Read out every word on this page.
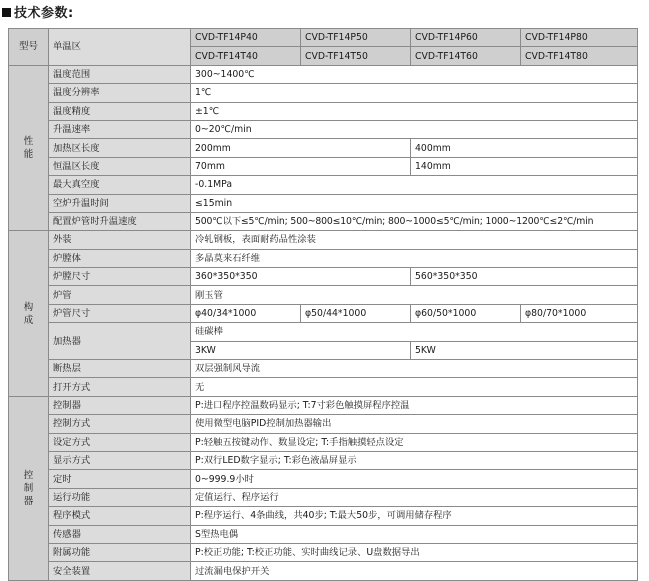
技术参数:
型号	单温区	CVD-TF14P40	CVD-TF14P50	CVD-TF14P60	CVD-TF14P80
		CVD-TF14T40	CVD-TF14T50	CVD-TF14T60	CVD-TF14T80
性
能	温度范围	300~1400℃			
	温度分辨率	1℃			
	温度精度	±1℃			
	升温速率	0~20℃/min			
	加热区长度	200mm		400mm	
	恒温区长度	70mm		140mm	
	最大真空度	-0.1MPa			
	空炉升温时间	≤15min			
	配置炉管时升温速度	500℃以下≤5℃/min; 500~800≤10℃/min; 800~1000≤5℃/min; 1000~1200℃≤2℃/min			
构
成	外装	冷轧钢板，表面耐药品性涂装			
	炉膛体	多晶莫来石纤维			
	炉膛尺寸	360*350*350		560*350*350	
	炉管	刚玉管			
	炉管尺寸	φ40/34*1000	φ50/44*1000	φ60/50*1000	φ80/70*1000
	加热器	硅碳棒			
		3KW		5KW	
	断热层	双层强制风导流			
	打开方式	无			
控
制
器	控制器	P:进口程序控温数码显示; T:7寸彩色触摸屏程序控温			
	控制方式	使用微型电脑PID控制加热器输出			
	设定方式	P:轻触五按键动作、数显设定; T:手指触摸轻点设定			
	显示方式	P:双行LED数字显示; T:彩色液晶屏显示			
	定时	0~999.9小时			
	运行功能	定值运行、程序运行			
	程序模式	P:程序运行、4条曲线，共40步; T:最大50步，可调用储存程序			
	传感器	S型热电偶			
	附属功能	P:校正功能; T:校正功能、实时曲线记录、U盘数据导出			
	安全装置	过流漏电保护开关			
